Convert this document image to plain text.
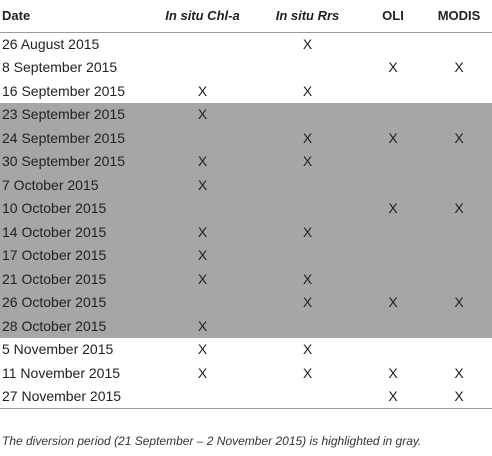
Date	In situ Chl-a	In situ Rrs	OLI	MODIS
26 August 2015		X		
8 September 2015			X	X
16 September 2015	X	X		
23 September 2015	X			
24 September 2015		X	X	X
30 September 2015	X	X		
7 October 2015	X			
10 October 2015			X	X
14 October 2015	X	X		
17 October 2015	X			
21 October 2015	X	X		
26 October 2015		X	X	X
28 October 2015	X			
5 November 2015	X	X		
11 November 2015	X	X	X	X
27 November 2015			X	X
The diversion period (21 September – 2 November 2015) is highlighted in gray.
